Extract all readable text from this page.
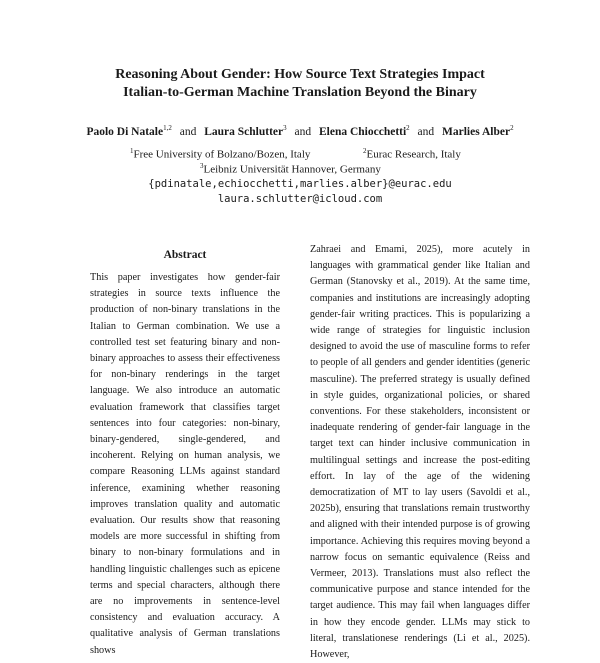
Reasoning About Gender: How Source Text Strategies Impact
Italian-to-German Machine Translation Beyond the Binary
Paolo Di Natale$^{1,2}$ and Laura Schlutter$^3$ and Elena Chiocchetti$^2$ and Marlies Alber$^2$
$^1$Free University of Bolzano/Bozen, Italy	$^2$Eurac Research, Italy
$^3$Leibniz Universität Hannover, Germany
{pdinatale,echiocchetti,marlies.alber}@eurac.edu
laura.schlutter@icloud.com
Abstract
This paper investigates how gender-fair strategies in source texts influence the production of non-binary translations in the Italian to German combination. We use a controlled test set featuring binary and non-binary approaches to assess their effectiveness for non-binary renderings in the target language. We also introduce an automatic evaluation framework that classifies target sentences into four categories: non-binary, binary-gendered, single-gendered, and incoherent. Relying on human analysis, we compare Reasoning LLMs against standard inference, examining whether reasoning improves translation quality and automatic evaluation. Our results show that reasoning models are more successful in shifting from binary to non-binary formulations and in handling linguistic challenges such as epicene terms and special characters, although there are no improvements in sentence-level consistency and evaluation accuracy. A qualitative analysis of German translations shows
Zahraei and Emami, 2025), more acutely in languages with grammatical gender like Italian and German (Stanovsky et al., 2019). At the same time, companies and institutions are increasingly adopting gender-fair writing practices. This is popularizing a wide range of strategies for linguistic inclusion designed to avoid the use of masculine forms to refer to people of all genders and gender identities (generic masculine). The preferred strategy is usually defined in style guides, organizational policies, or shared conventions. For these stakeholders, inconsistent or inadequate rendering of gender-fair language in the target text can hinder inclusive communication in multilingual settings and increase the post-editing effort. In lay of the age of the widening democratization of MT to lay users (Savoldi et al., 2025b), ensuring that translations remain trustworthy and aligned with their intended purpose is of growing importance. Achieving this requires moving beyond a narrow focus on semantic equivalence (Reiss and Vermeer, 2013). Translations must also reflect the communicative purpose and stance intended for the target audience. This may fail when languages differ in how they encode gender. LLMs may stick to literal, translationese renderings (Li et al., 2025). However,
